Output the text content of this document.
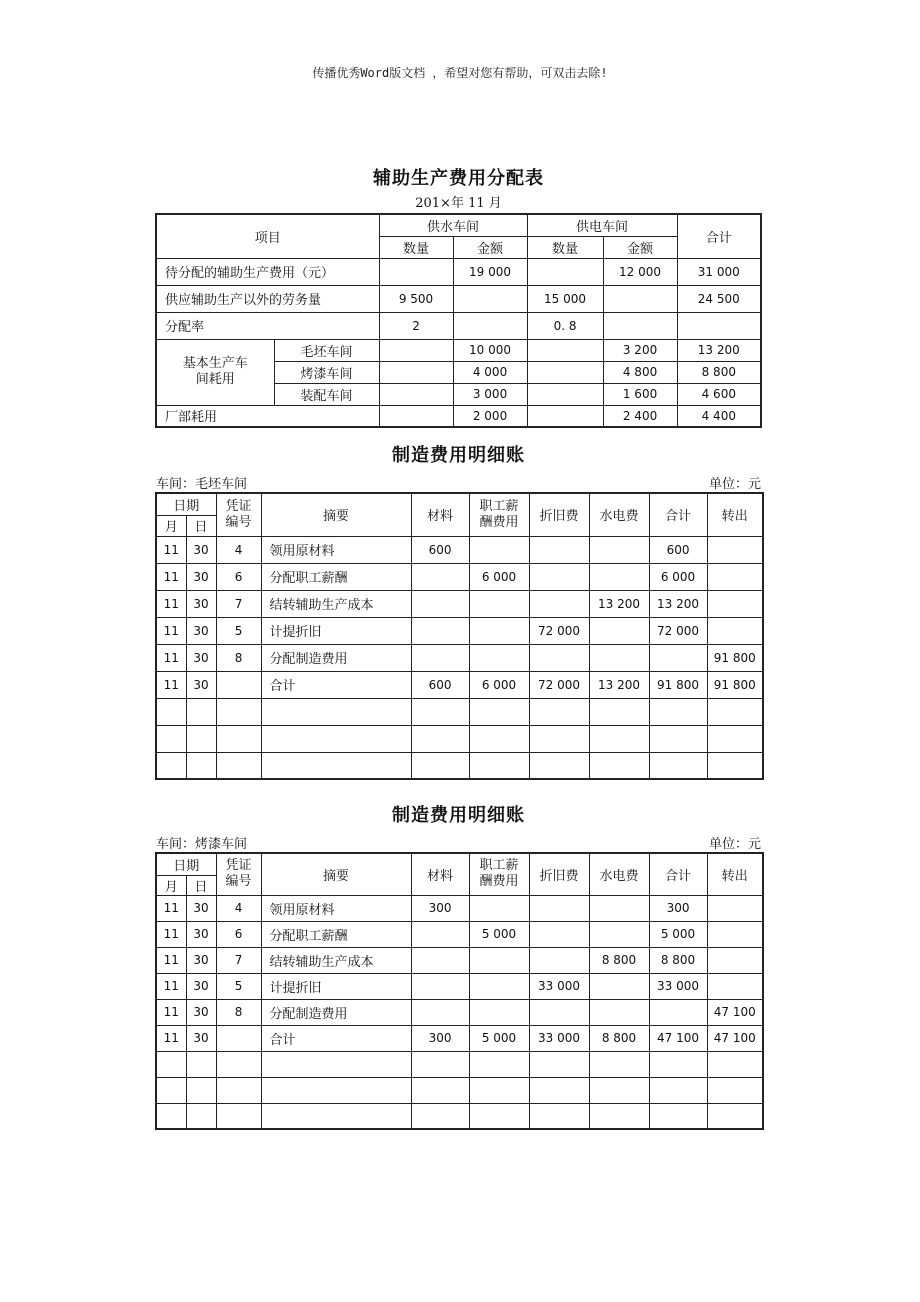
传播优秀Word版文档 ，希望对您有帮助，可双击去除!
辅助生产费用分配表
201×年 11 月
项目		供水车间		供电车间		合计
		数量	金额	数量	金额	
待分配的辅助生产费用（元）			19 000		12 000	31 000
供应辅助生产以外的劳务量		9 500		15 000		24 500
分配率		2		0. 8		
基本生产车间耗用	毛坯车间		10 000		3 200	13 200
	烤漆车间		4 000		4 800	8 800
	装配车间		3 000		1 600	4 600
厂部耗用			2 000		2 400	4 400
制造费用明细账
车间：毛坯车间	单位：元
日期		凭证编号	摘要	材料	职工薪酬费用	折旧费	水电费	合计	转出
月	日								
11	30	4	领用原材料	600				600	
11	30	6	分配职工薪酬		6 000			6 000	
11	30	7	结转辅助生产成本				13 200	13 200	
11	30	5	计提折旧			72 000		72 000	
11	30	8	分配制造费用						91 800
11	30		合计	600	6 000	72 000	13 200	91 800	91 800

制造费用明细账
车间：烤漆车间	单位：元
日期		凭证编号	摘要	材料	职工薪酬费用	折旧费	水电费	合计	转出
月	日								
11	30	4	领用原材料	300				300	
11	30	6	分配职工薪酬		5 000			5 000	
11	30	7	结转辅助生产成本				8 800	8 800	
11	30	5	计提折旧			33 000		33 000	
11	30	8	分配制造费用						47 100
11	30		合计	300	5 000	33 000	8 800	47 100	47 100
